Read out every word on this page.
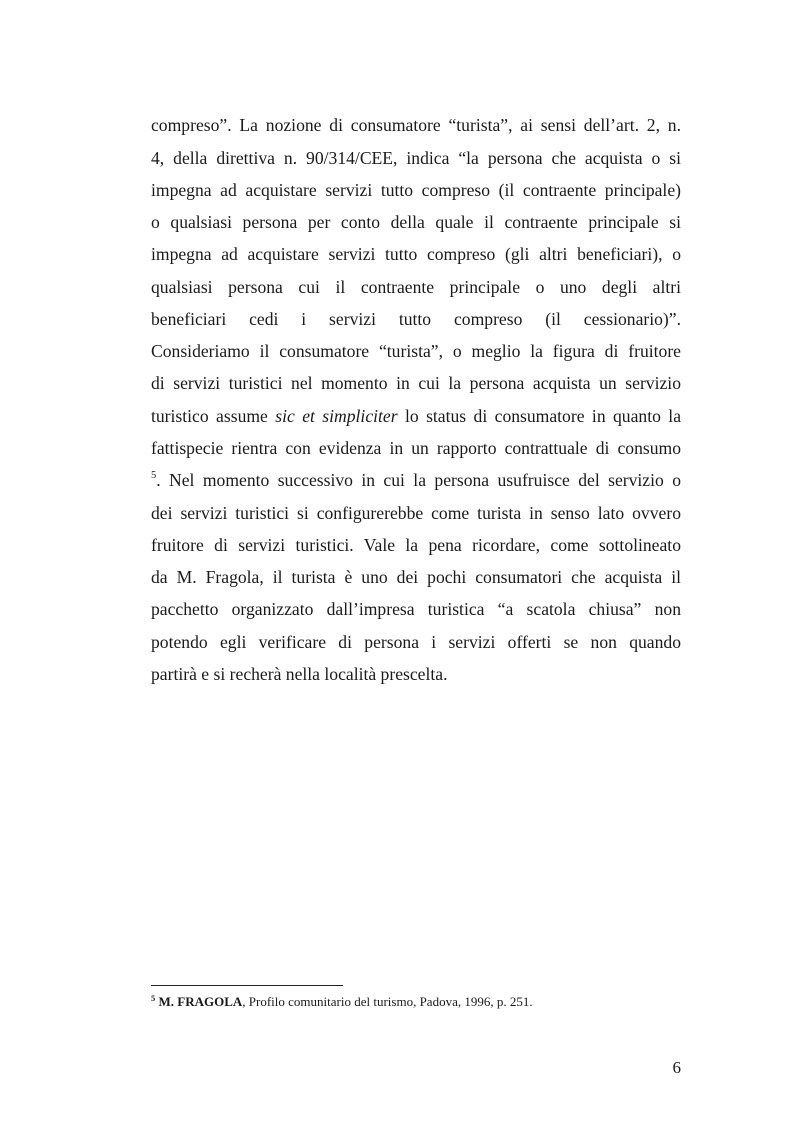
compreso”. La nozione di consumatore “turista”, ai sensi dell’art. 2, n.
4, della direttiva n. 90/314/CEE, indica “la persona che acquista o si
impegna ad acquistare servizi tutto compreso (il contraente principale)
o qualsiasi persona per conto della quale il contraente principale si
impegna ad acquistare servizi tutto compreso (gli altri beneficiari), o
qualsiasi persona cui il contraente principale o uno degli altri
beneficiari cedi i servizi tutto compreso (il cessionario)”.
Consideriamo il consumatore “turista”, o meglio la figura di fruitore
di servizi turistici nel momento in cui la persona acquista un servizio
turistico assume sic et simpliciter lo status di consumatore in quanto la
fattispecie rientra con evidenza in un rapporto contrattuale di consumo
$^5$. Nel momento successivo in cui la persona usufruisce del servizio o
dei servizi turistici si configurerebbe come turista in senso lato ovvero
fruitore di servizi turistici. Vale la pena ricordare, come sottolineato
da M. Fragola, il turista è uno dei pochi consumatori che acquista il
pacchetto organizzato dall’impresa turistica “a scatola chiusa” non
potendo egli verificare di persona i servizi offerti se non quando
partirà e si recherà nella località prescelta.
$^5$ M. FRAGOLA, Profilo comunitario del turismo, Padova, 1996, p. 251.
6
